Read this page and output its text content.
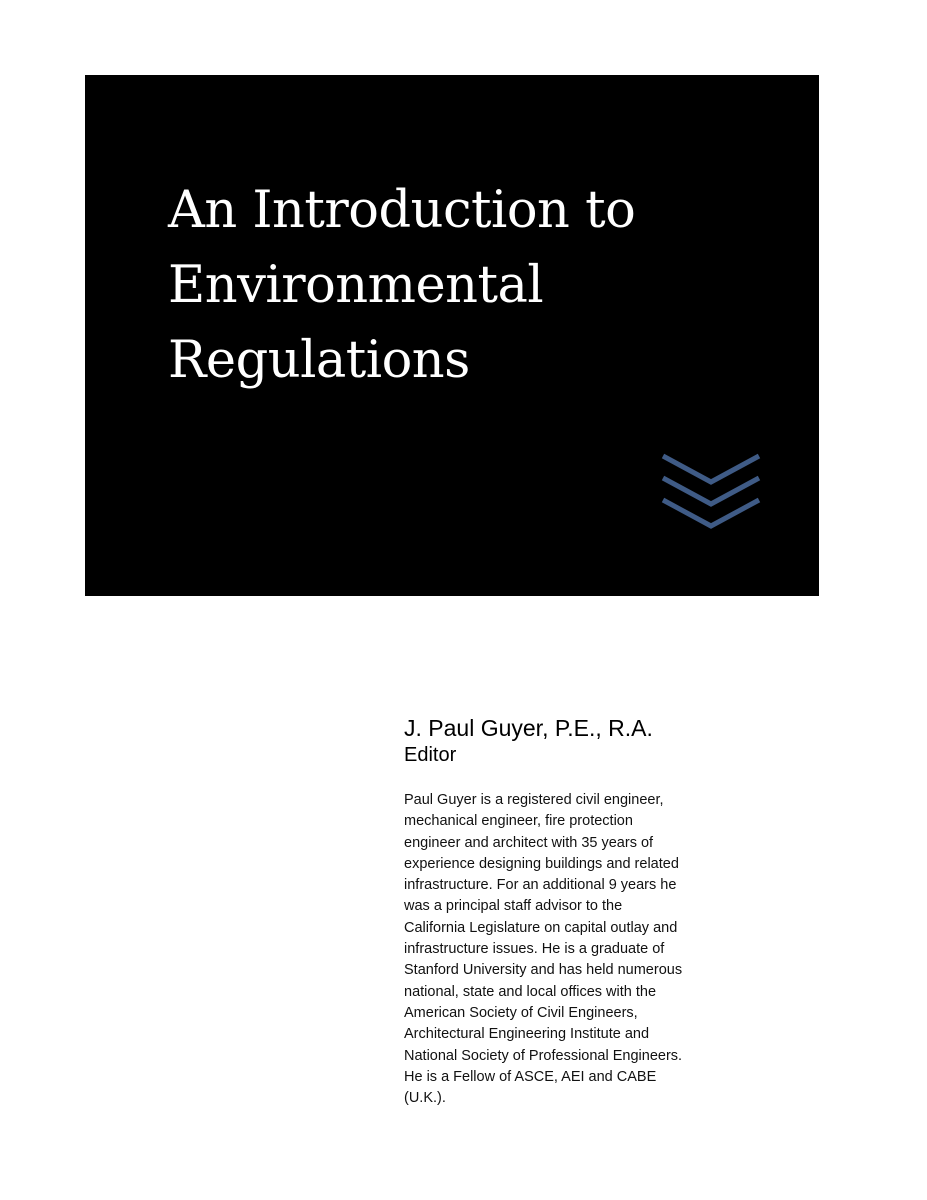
An Introduction to
Environmental
Regulations
J. Paul Guyer, P.E., R.A.
Editor
Paul Guyer is a registered civil engineer,
mechanical engineer, fire protection
engineer and architect with 35 years of
experience designing buildings and related
infrastructure. For an additional 9 years he
was a principal staff advisor to the
California Legislature on capital outlay and
infrastructure issues. He is a graduate of
Stanford University and has held numerous
national, state and local offices with the
American Society of Civil Engineers,
Architectural Engineering Institute and
National Society of Professional Engineers.
He is a Fellow of ASCE, AEI and CABE
(U.K.).
